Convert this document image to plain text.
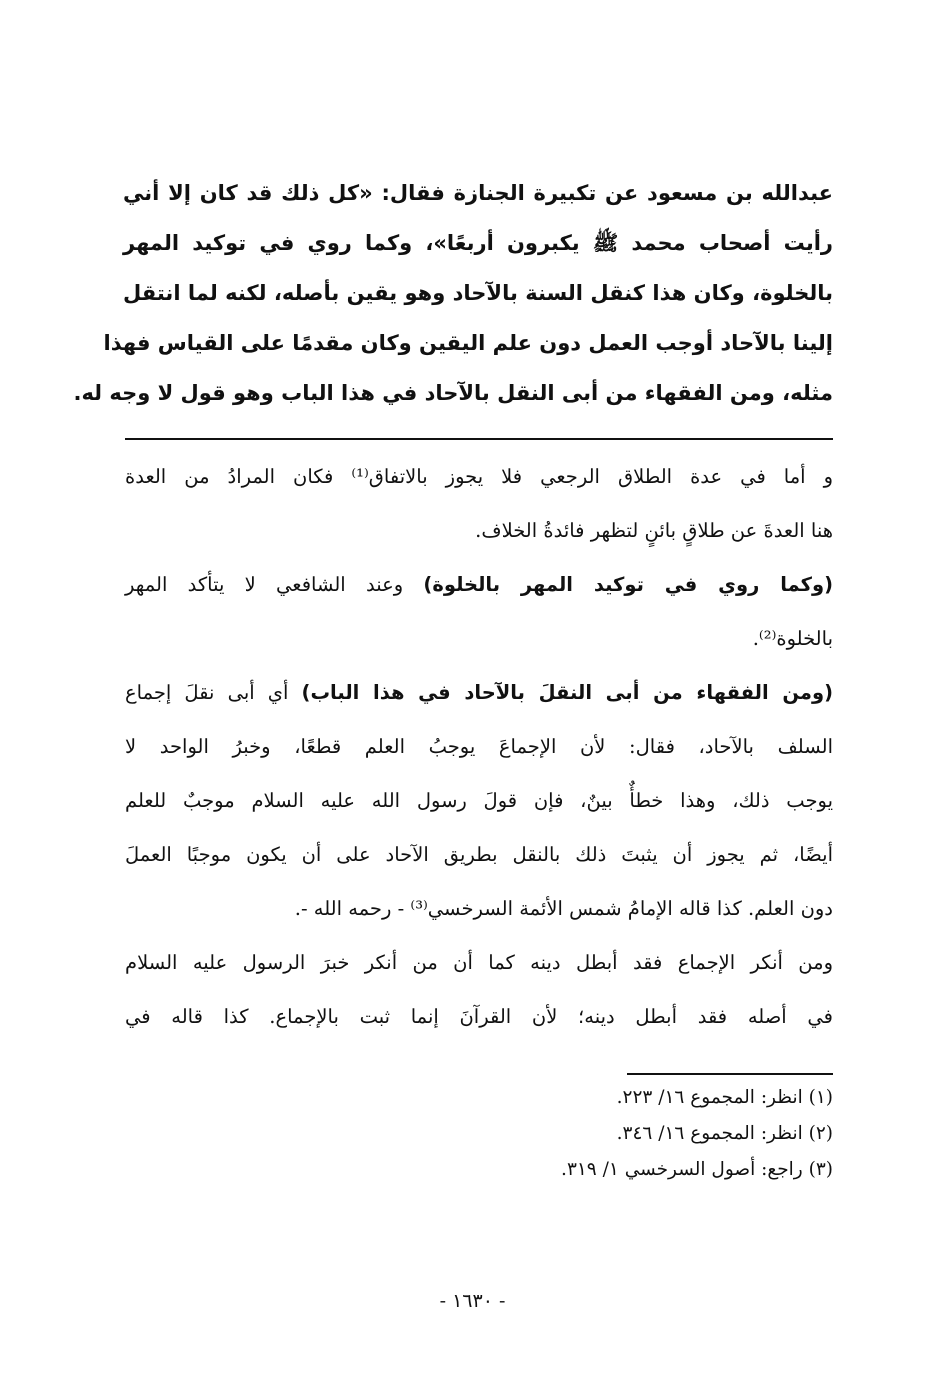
عبدالله بن مسعود عن تكبيرة الجنازة فقال: «كل ذلك قد كان إلا أني
رأيت أصحاب محمد ﷺ يكبرون أربعًا»، وكما روي في توكيد المهر
بالخلوة، وكان هذا كنقل السنة بالآحاد وهو يقين بأصله، لكنه لما انتقل
إلينا بالآحاد أوجب العمل دون علم اليقين وكان مقدمًا على القياس فهذا
مثله، ومن الفقهاء من أبى النقل بالآحاد في هذا الباب وهو قول لا وجه له.
و أما في عدة الطلاق الرجعي فلا يجوز بالاتفاق⁽¹⁾ فكان المرادُ من العدة
هنا العدةَ عن طلاقٍ بائنٍ لتظهر فائدةُ الخلاف.
(وكما روي في توكيد المهر بالخلوة) وعند الشافعي لا يتأكد المهر
بالخلوة⁽²⁾.
(ومن الفقهاء من أبى النقلَ بالآحاد في هذا الباب) أي أبى نقلَ إجماع
السلف بالآحاد، فقال: لأن الإجماعَ يوجبُ العلم قطعًا، وخبرُ الواحد لا
يوجب ذلك، وهذا خطأٌ بينٌ، فإن قولَ رسول الله عليه السلام موجبٌ للعلم
أيضًا، ثم يجوز أن يثبتَ ذلك بالنقل بطريق الآحاد على أن يكون موجبًا العملَ
دون العلم. كذا قاله الإمامُ شمس الأئمة السرخسي⁽³⁾ - رحمه الله -.
ومن أنكر الإجماع فقد أبطل دينه كما أن من أنكر خبرَ الرسول عليه السلام
في أصله فقد أبطل دينه؛ لأن القرآنَ إنما ثبت بالإجماع. كذا قاله في
(١) انظر: المجموع ١٦/ ٢٢٣.
(٢) انظر: المجموع ١٦/ ٣٤٦.
(٣) راجع: أصول السرخسي ١/ ٣١٩.
- ١٦٣٠ -
